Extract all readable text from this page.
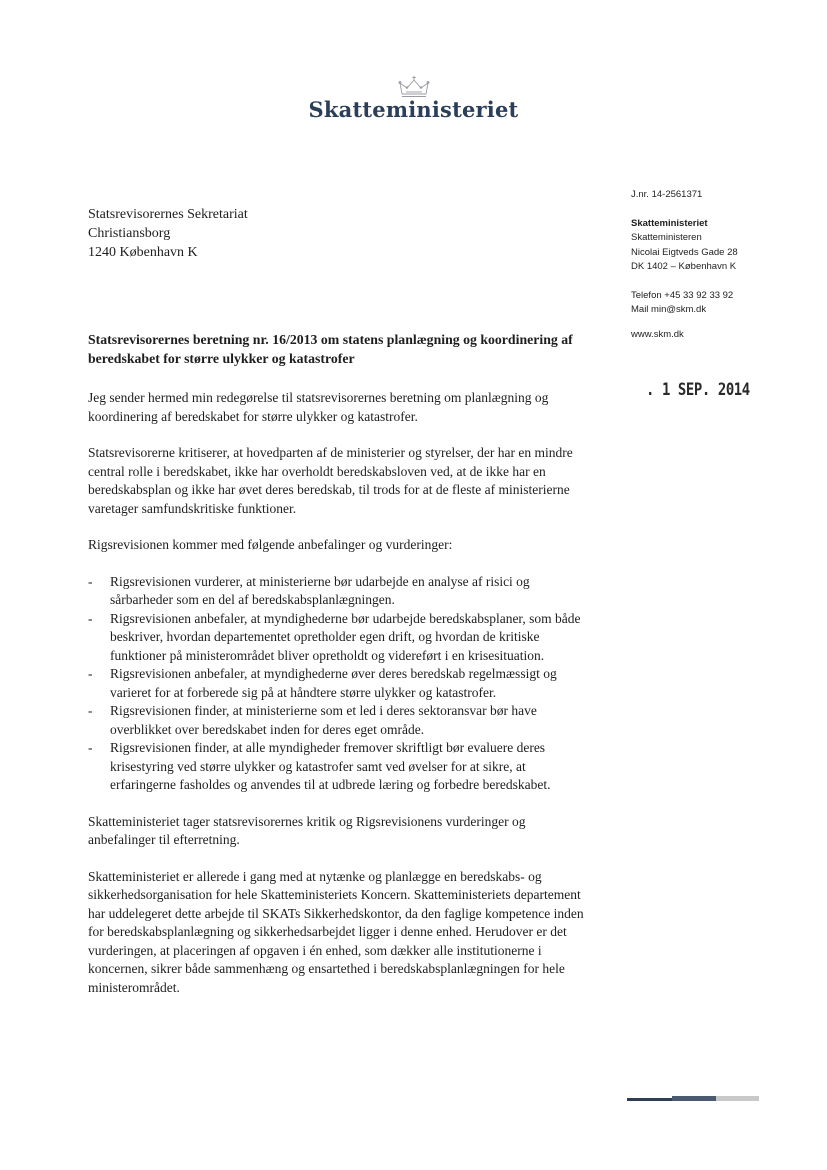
Skatteministeriet
Statsrevisorernes Sekretariat
Christiansborg
1240 København K
J.nr. 14-2561371
Skatteministeriet
Skatteministeren
Nicolai Eigtveds Gade 28
DK 1402 – København K
Telefon +45 33 92 33 92
Mail min@skm.dk
www.skm.dk
. 1 SEP. 2014
Statsrevisorernes beretning nr. 16/2013 om statens planlægning og koordinering af beredskabet for større ulykker og katastrofer

Jeg sender hermed min redegørelse til statsrevisorernes beretning om planlægning og koordinering af beredskabet for større ulykker og katastrofer.

Statsrevisorerne kritiserer, at hovedparten af de ministerier og styrelser, der har en mindre central rolle i beredskabet, ikke har overholdt beredskabsloven ved, at de ikke har en beredskabsplan og ikke har øvet deres beredskab, til trods for at de fleste af ministerierne varetager samfundskritiske funktioner.

Rigsrevisionen kommer med følgende anbefalinger og vurderinger:

- Rigsrevisionen vurderer, at ministerierne bør udarbejde en analyse af risici og sårbarheder som en del af beredskabsplanlægningen.
- Rigsrevisionen anbefaler, at myndighederne bør udarbejde beredskabsplaner, som både beskriver, hvordan departementet opretholder egen drift, og hvordan de kritiske funktioner på ministerområdet bliver opretholdt og videreført i en krisesituation.
- Rigsrevisionen anbefaler, at myndighederne øver deres beredskab regelmæssigt og varieret for at forberede sig på at håndtere større ulykker og katastrofer.
- Rigsrevisionen finder, at ministerierne som et led i deres sektoransvar bør have overblikket over beredskabet inden for deres eget område.
- Rigsrevisionen finder, at alle myndigheder fremover skriftligt bør evaluere deres krisestyring ved større ulykker og katastrofer samt ved øvelser for at sikre, at erfaringerne fasholdes og anvendes til at udbrede læring og forbedre beredskabet.

Skatteministeriet tager statsrevisorernes kritik og Rigsrevisionens vurderinger og anbefalinger til efterretning.

Skatteministeriet er allerede i gang med at nytænke og planlægge en beredskabs- og sikkerhedsorganisation for hele Skatteministeriets Koncern. Skatteministeriets departement har uddelegeret dette arbejde til SKATs Sikkerhedskontor, da den faglige kompetence inden for beredskabsplanlægning og sikkerhedsarbejdet ligger i denne enhed. Herudover er det vurderingen, at placeringen af opgaven i én enhed, som dækker alle institutionerne i koncernen, sikrer både sammenhæng og ensartethed i beredskabsplanlægningen for hele ministerområdet.
